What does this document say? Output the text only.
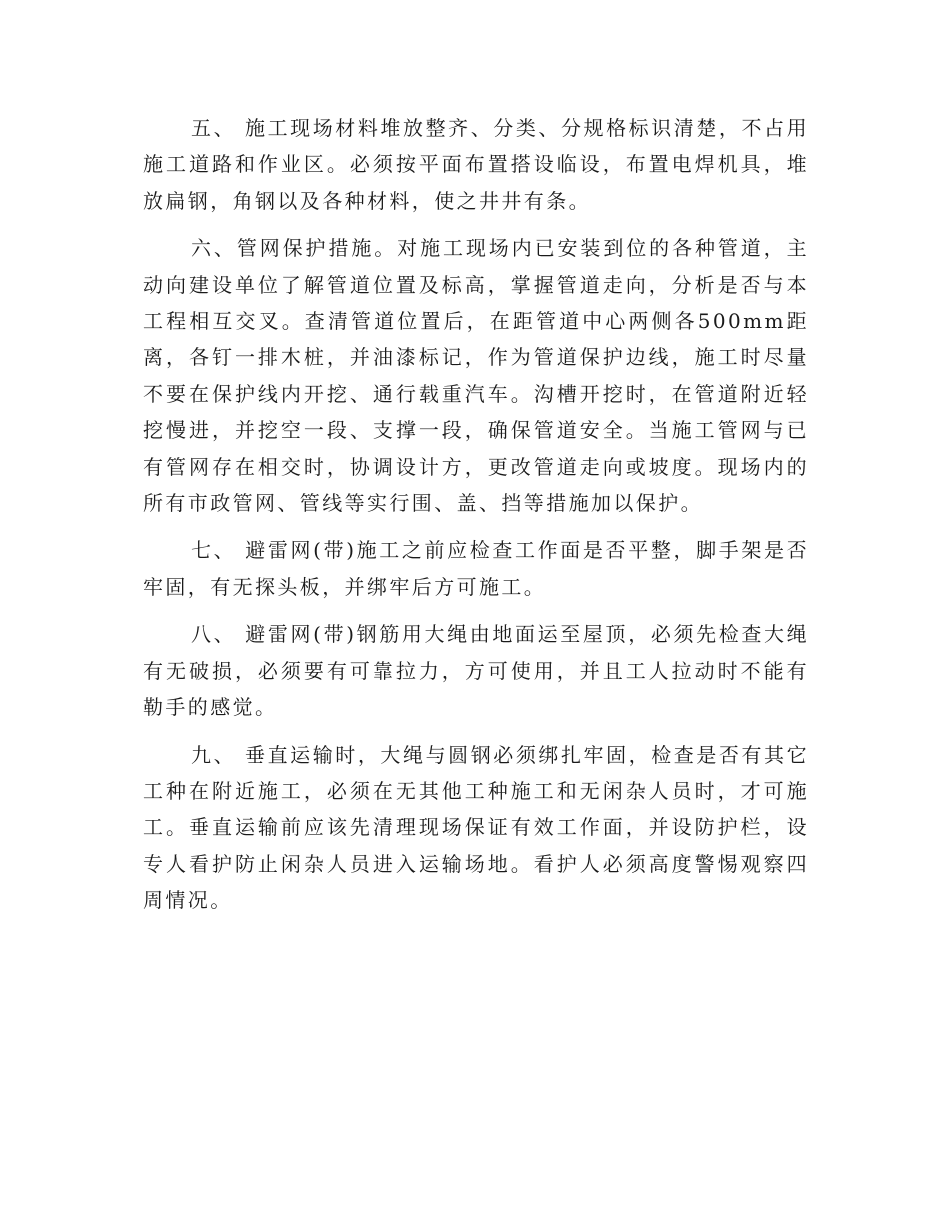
五、 施工现场材料堆放整齐、分类、分规格标识清楚，不占用施工道路和作业区。必须按平面布置搭设临设，布置电焊机具，堆放扁钢，角钢以及各种材料，使之井井有条。

六、管网保护措施。对施工现场内已安装到位的各种管道，主动向建设单位了解管道位置及标高，掌握管道走向，分析是否与本工程相互交叉。查清管道位置后，在距管道中心两侧各500mm距离，各钉一排木桩，并油漆标记，作为管道保护边线，施工时尽量不要在保护线内开挖、通行载重汽车。沟槽开挖时，在管道附近轻挖慢进，并挖空一段、支撑一段，确保管道安全。当施工管网与已有管网存在相交时，协调设计方，更改管道走向或坡度。现场内的所有市政管网、管线等实行围、盖、挡等措施加以保护。

七、 避雷网(带)施工之前应检查工作面是否平整，脚手架是否牢固，有无探头板，并绑牢后方可施工。

八、 避雷网(带)钢筋用大绳由地面运至屋顶，必须先检查大绳有无破损，必须要有可靠拉力，方可使用，并且工人拉动时不能有勒手的感觉。

九、 垂直运输时，大绳与圆钢必须绑扎牢固，检查是否有其它工种在附近施工，必须在无其他工种施工和无闲杂人员时，才可施工。垂直运输前应该先清理现场保证有效工作面，并设防护栏，设专人看护防止闲杂人员进入运输场地。看护人必须高度警惕观察四周情况。
